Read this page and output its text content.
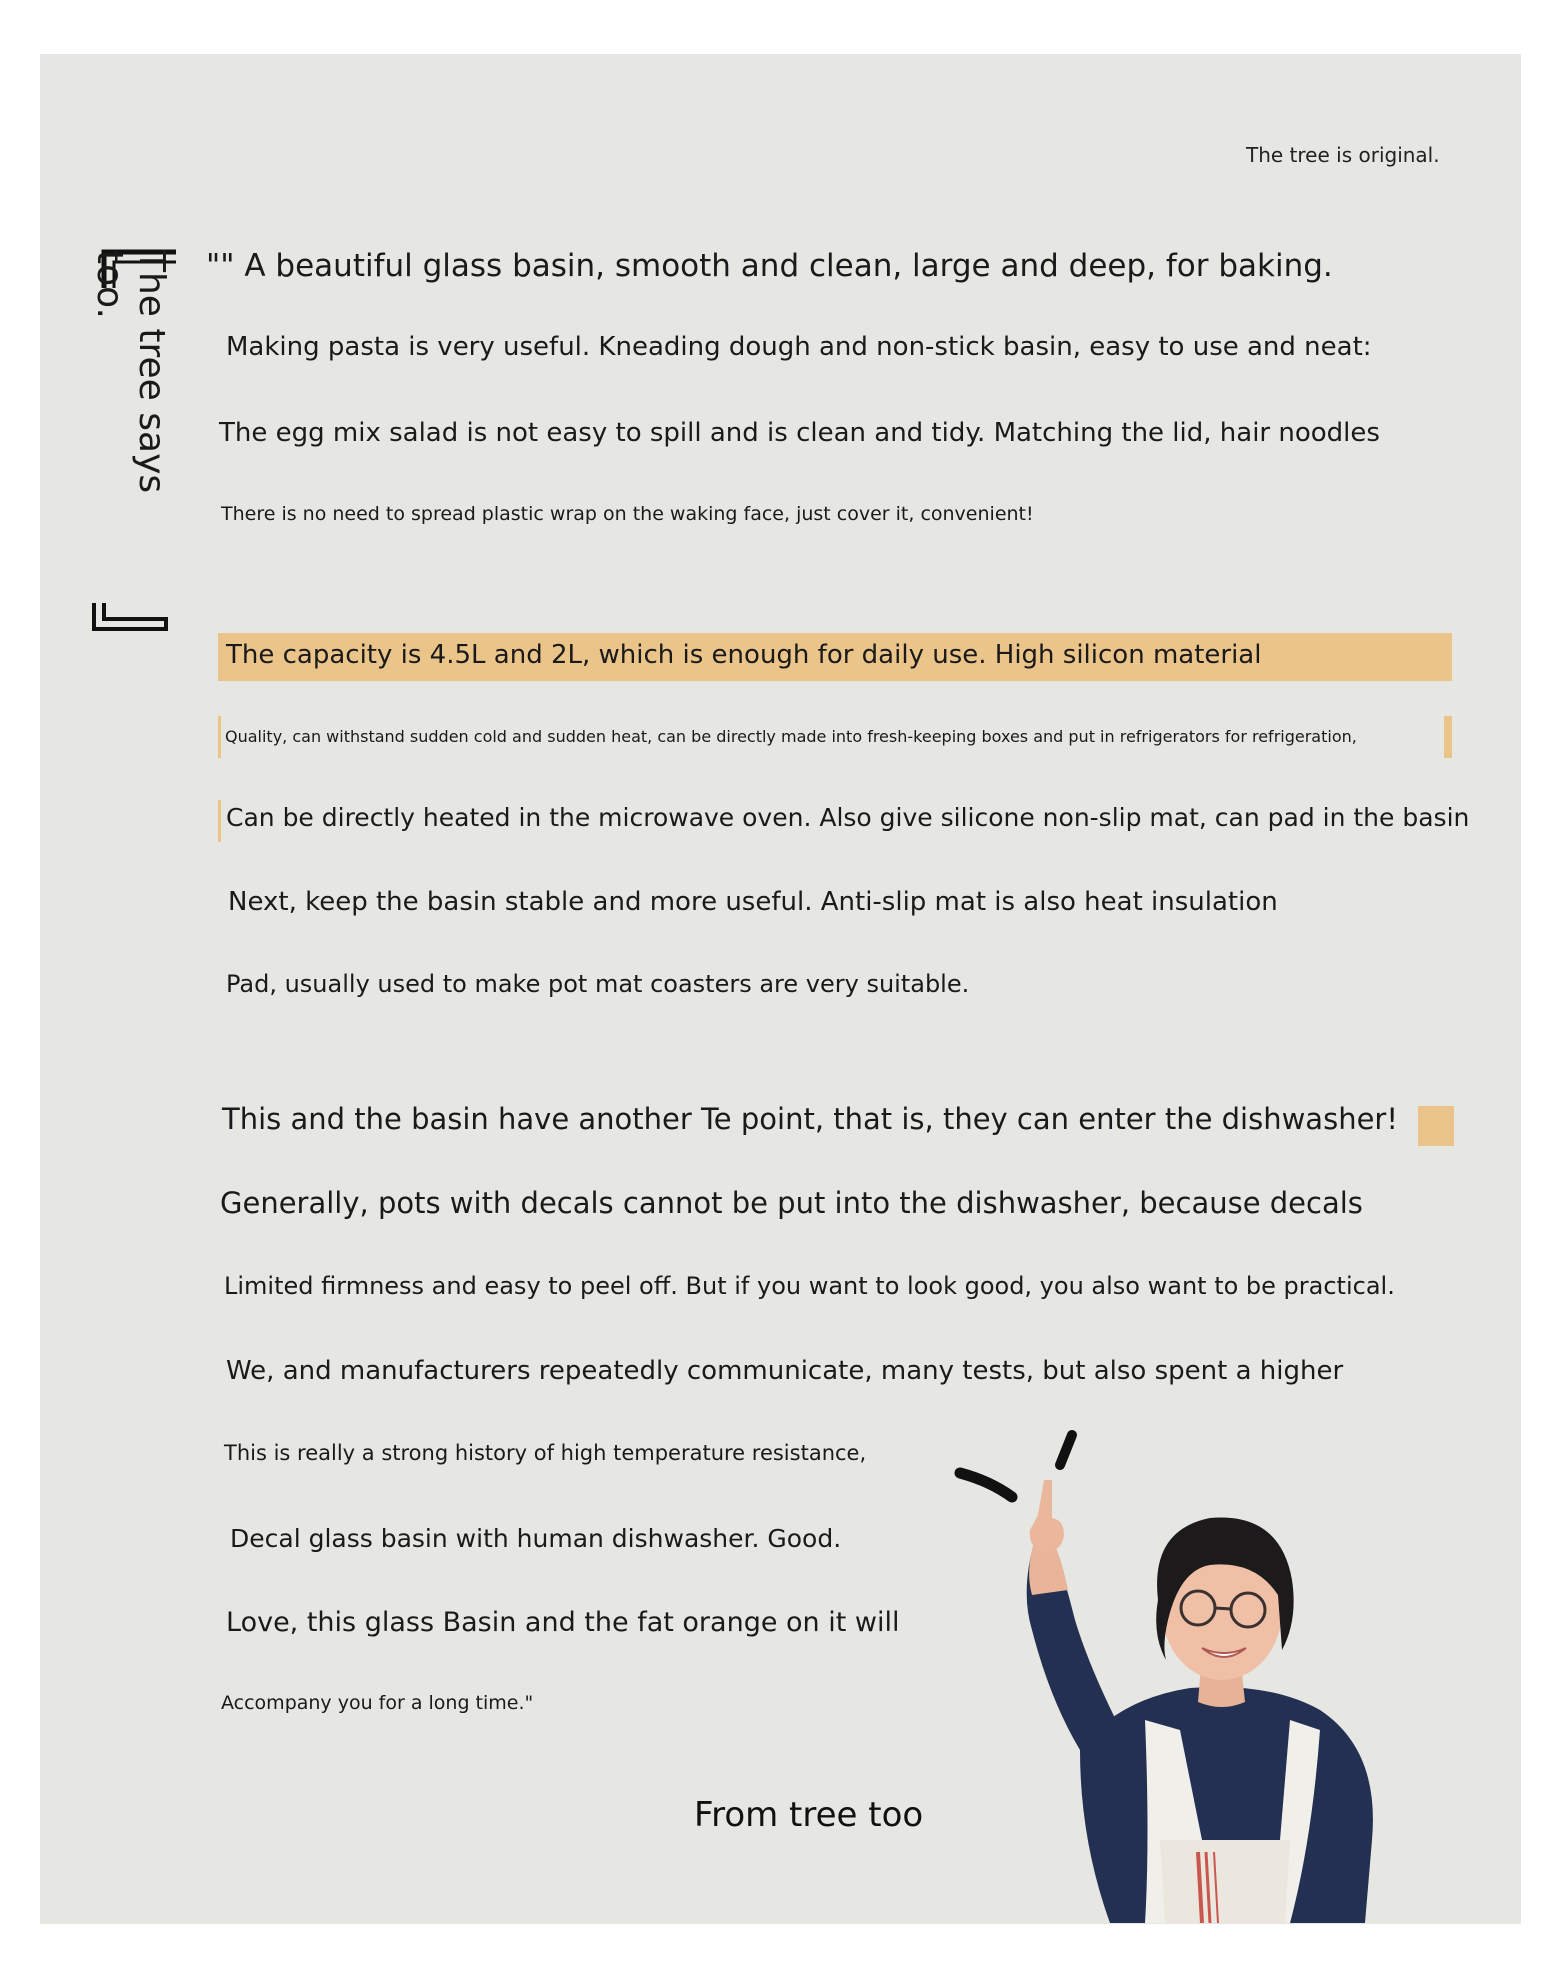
The tree is original.
The tree says too.	"" A beautiful glass basin, smooth and clean, large and deep, for baking.
Making pasta is very useful. Kneading dough and non-stick basin, easy to use and neat:
The egg mix salad is not easy to spill and is clean and tidy. Matching the lid, hair noodles
There is no need to spread plastic wrap on the waking face, just cover it, convenient!
The capacity is 4.5L and 2L, which is enough for daily use. High silicon material
Quality, can withstand sudden cold and sudden heat, can be directly made into fresh-keeping boxes and put in refrigerators for refrigeration,
Can be directly heated in the microwave oven. Also give silicone non-slip mat, can pad in the basin
Next, keep the basin stable and more useful. Anti-slip mat is also heat insulation
Pad, usually used to make pot mat coasters are very suitable.
This and the basin have another Te point, that is, they can enter the dishwasher!
Generally, pots with decals cannot be put into the dishwasher, because decals
Limited firmness and easy to peel off. But if you want to look good, you also want to be practical.
We, and manufacturers repeatedly communicate, many tests, but also spent a higher
This is really a strong history of high temperature resistance,
Decal glass basin with human dishwasher. Good.
Love, this glass Basin and the fat orange on it will
Accompany you for a long time."
From tree too
